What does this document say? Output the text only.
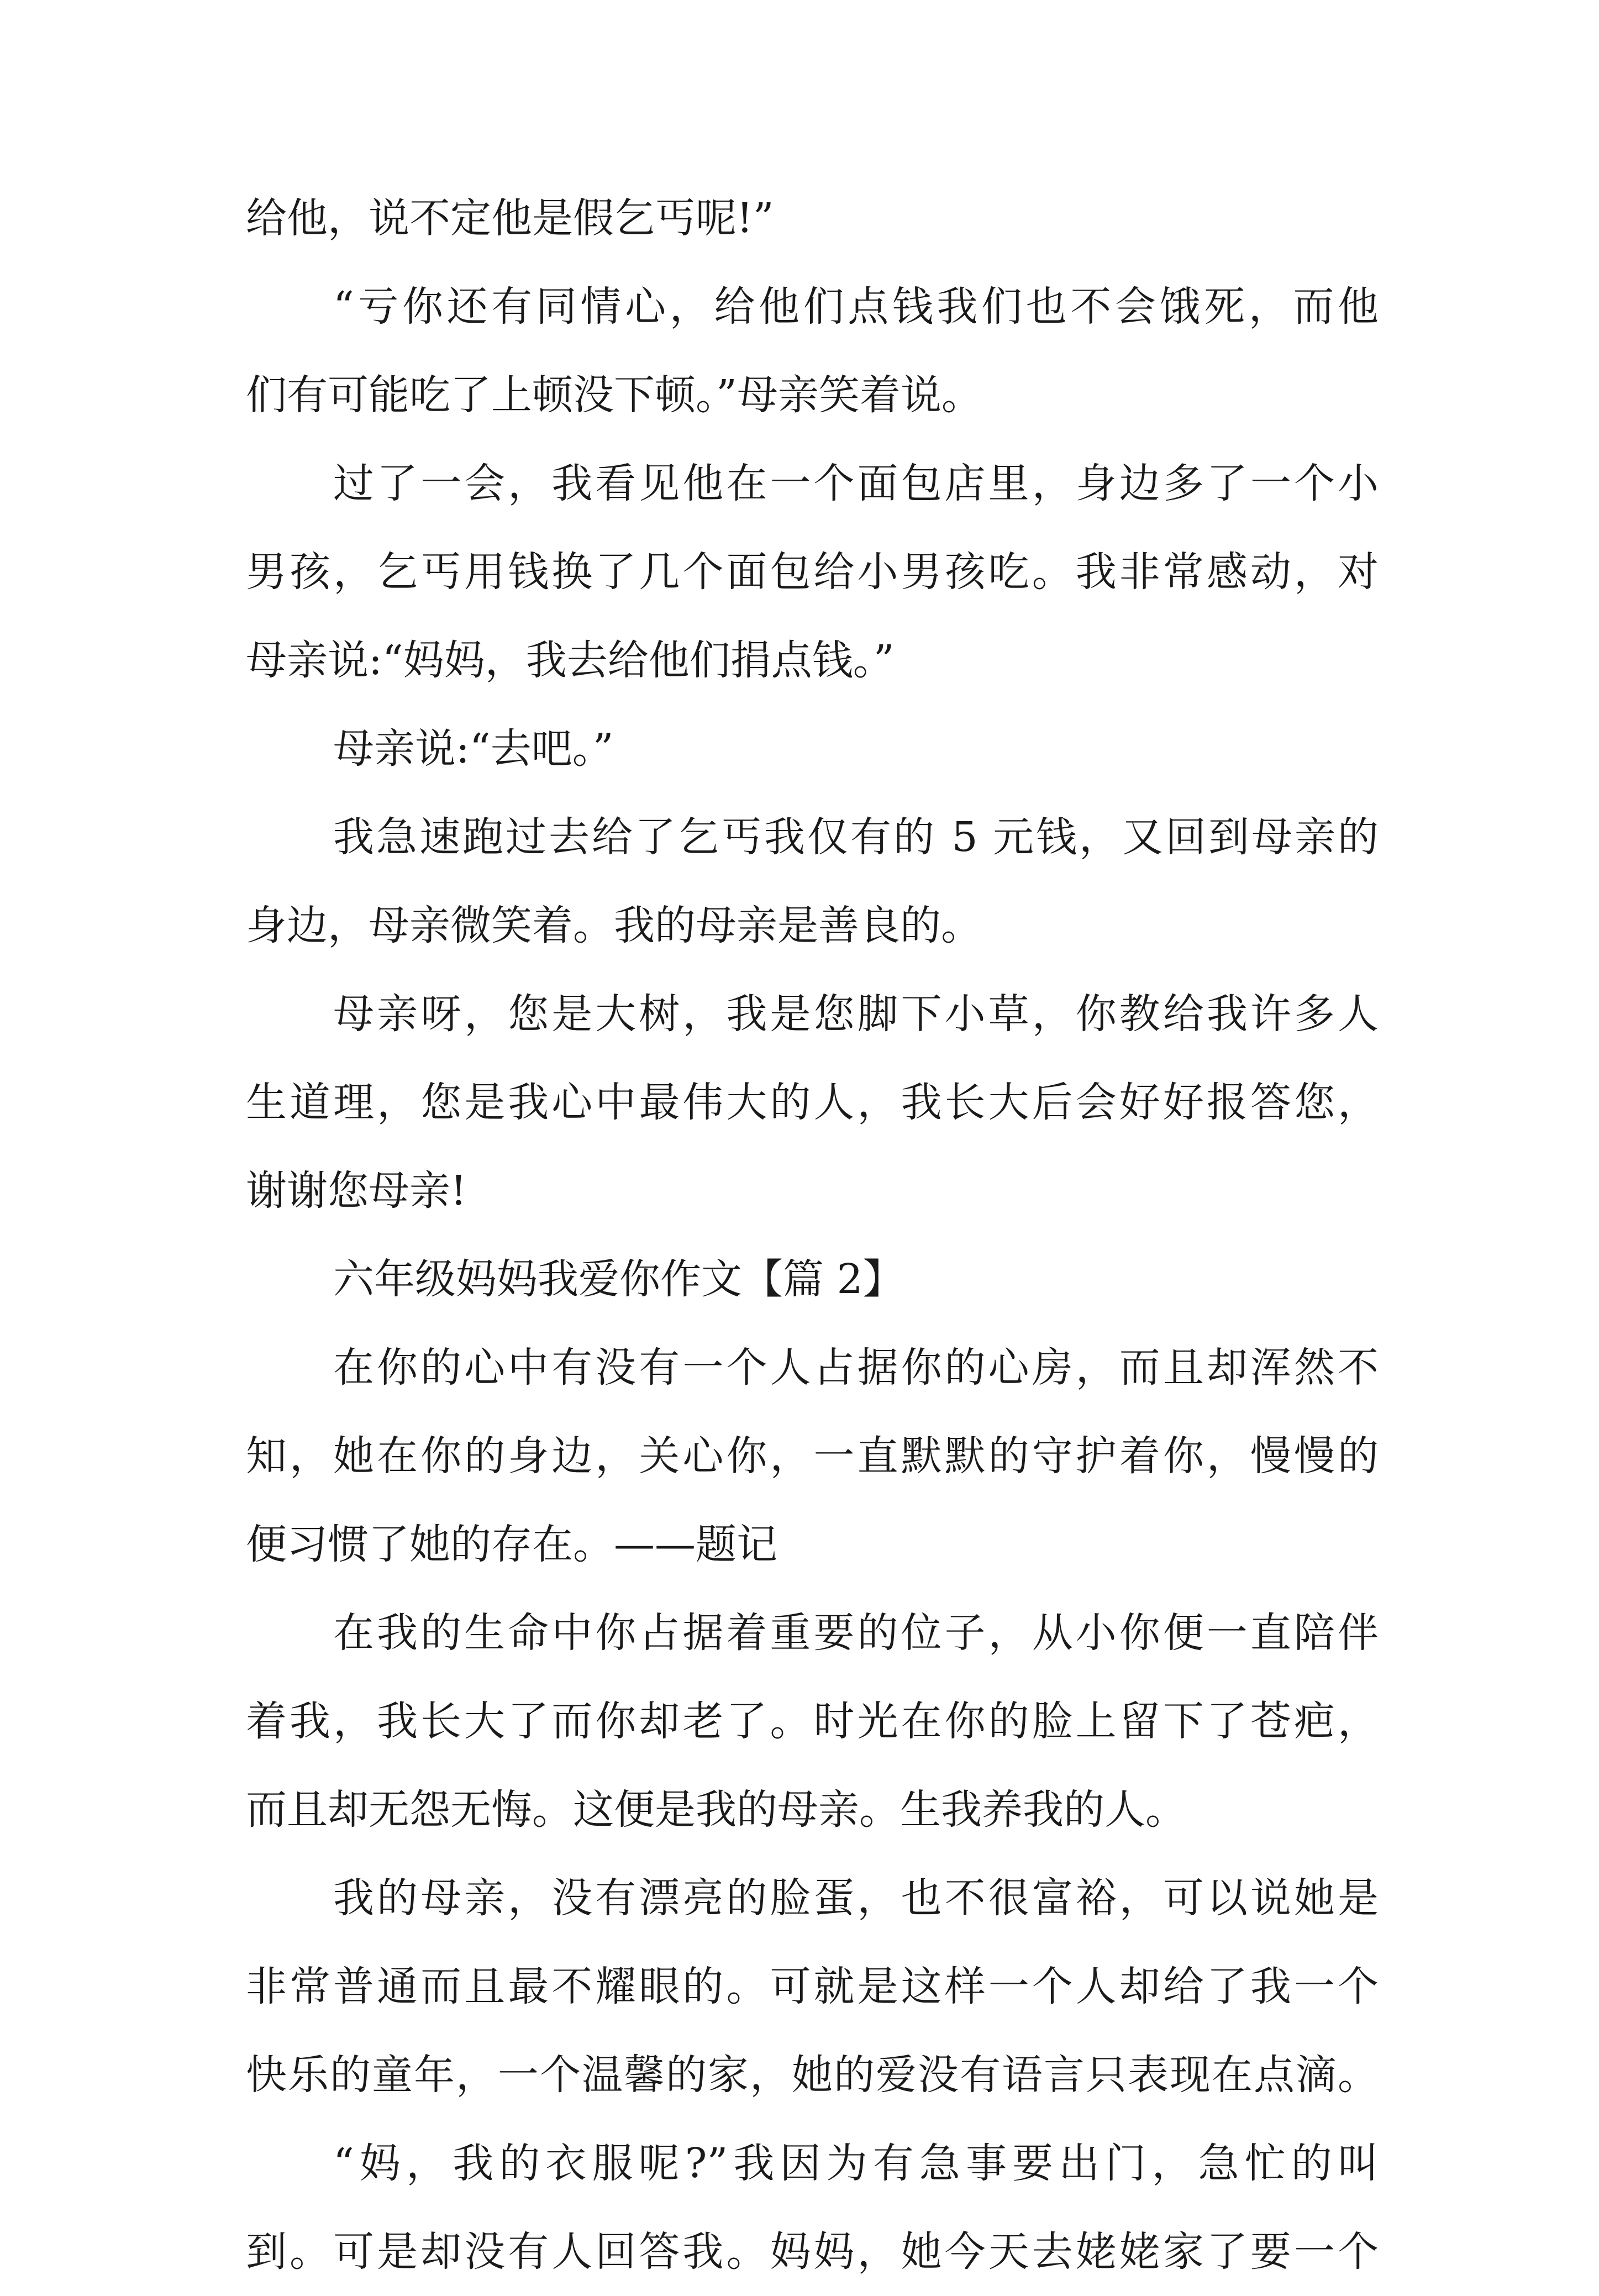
给他，说不定他是假乞丐呢!”
“亏你还有同情心，给他们点钱我们也不会饿死，而他
们有可能吃了上顿没下顿。”母亲笑着说。
过了一会，我看见他在一个面包店里，身边多了一个小
男孩，乞丐用钱换了几个面包给小男孩吃。我非常感动，对
母亲说:“妈妈，我去给他们捐点钱。”
母亲说:“去吧。”
我急速跑过去给了乞丐我仅有的 5 元钱，又回到母亲的
身边，母亲微笑着。我的母亲是善良的。
母亲呀，您是大树，我是您脚下小草，你教给我许多人
生道理，您是我心中最伟大的人，我长大后会好好报答您，
谢谢您母亲!
六年级妈妈我爱你作文【篇 2】
在你的心中有没有一个人占据你的心房，而且却浑然不
知，她在你的身边，关心你，一直默默的守护着你，慢慢的
便习惯了她的存在。——题记
在我的生命中你占据着重要的位子，从小你便一直陪伴
着我，我长大了而你却老了。时光在你的脸上留下了苍疤，
而且却无怨无悔。这便是我的母亲。生我养我的人。
我的母亲，没有漂亮的脸蛋，也不很富裕，可以说她是
非常普通而且最不耀眼的。可就是这样一个人却给了我一个
快乐的童年，一个温馨的家，她的爱没有语言只表现在点滴。
“妈，我的衣服呢?”我因为有急事要出门，急忙的叫
到。可是却没有人回答我。妈妈，她今天去姥姥家了要一个
